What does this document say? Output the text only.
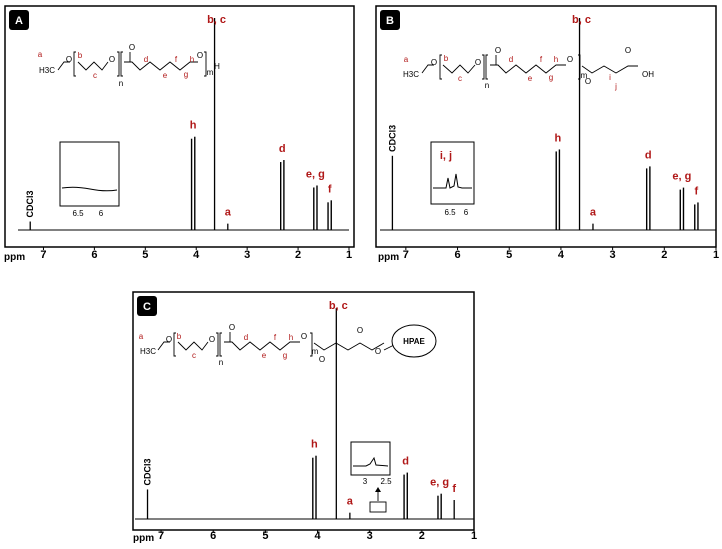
A
CDCl3
b, c
h
a
d
e, g
f
7	6	5	4	3	2	1
ppm
H3C
O	O
n
O
O
m
H
a	b
c
d
e
f
g
h
6.5 6
B
CDCl3
b, c
h
a
d
e, g
f
7	6	5	4	3	2	1
ppm
H3C
O	O
n
O
O
m
O
O
OH
a	b
c
d
e
f
g
h
i
j
i, j
6.5 6
C
CDCl3
b, c
h
a
d
e, g
f
7	6	5	4	3	2	1
ppm
H3C
O	O
n
O
O
m
O
O
O
HPAE
a	b
c
d
e
f
g
h
3 2.5
